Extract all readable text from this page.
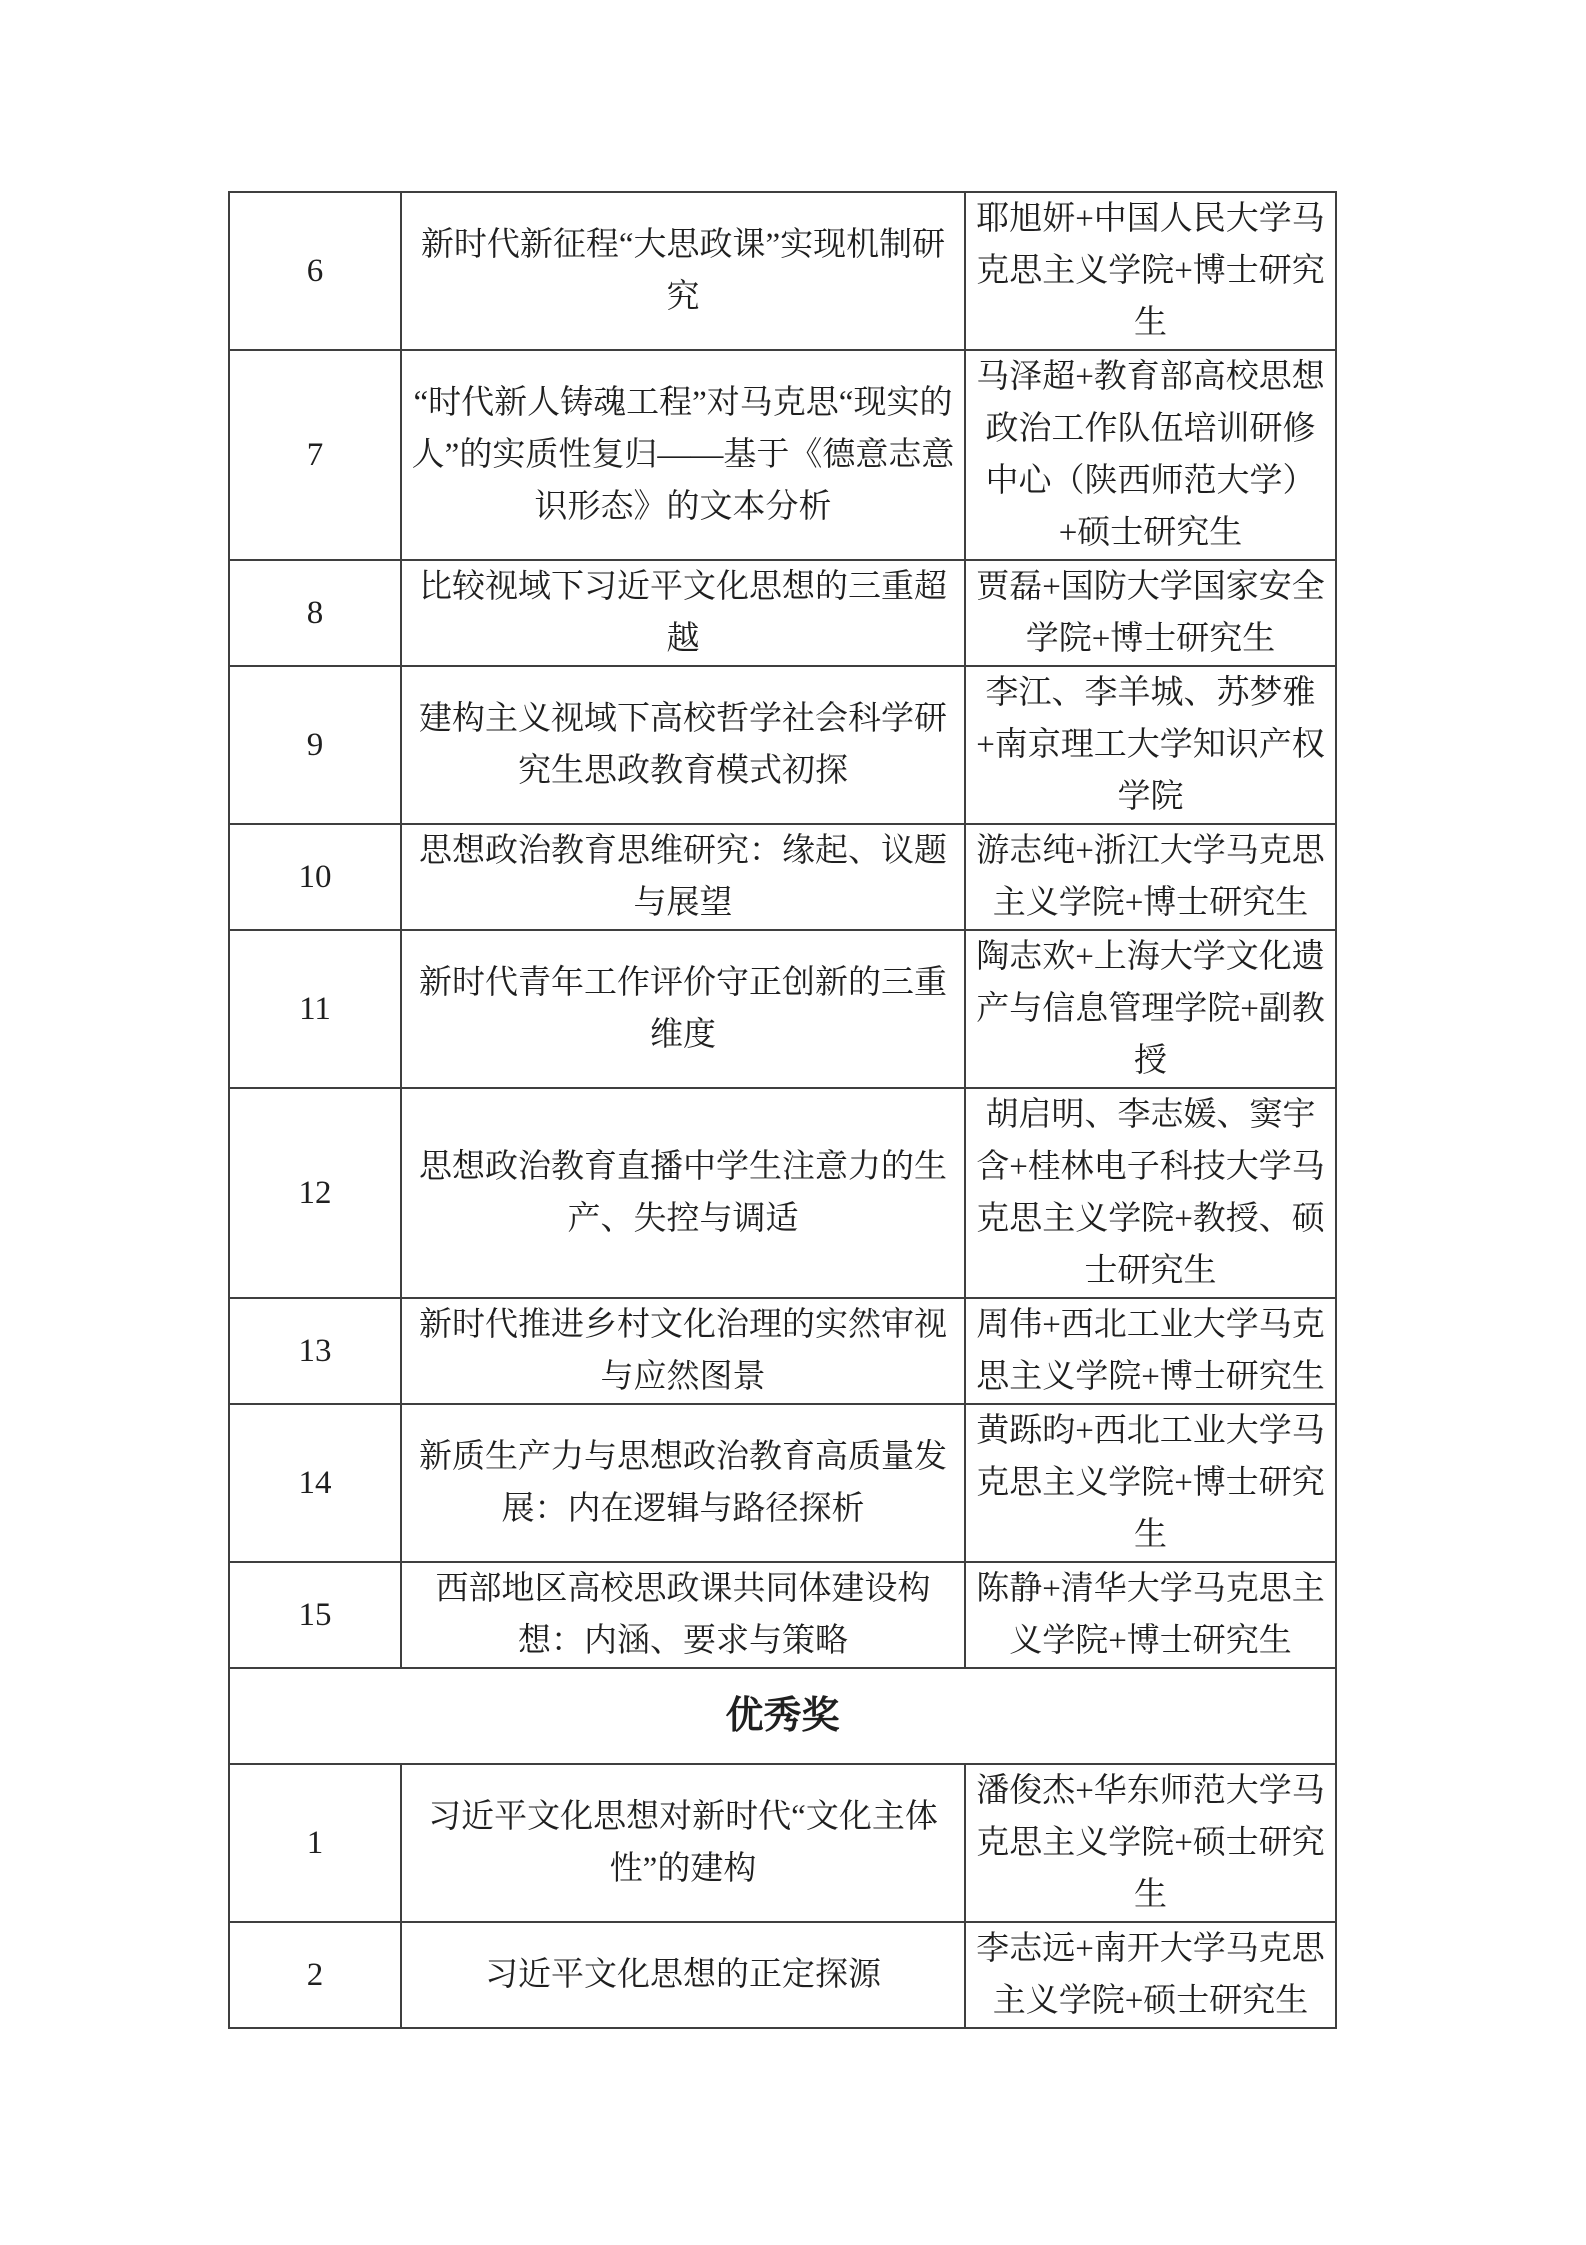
6	新时代新征程“大思政课”实现机制研究	耶旭妍+中国人民大学马克思主义学院+博士研究生
7	“时代新人铸魂工程”对马克思“现实的人”的实质性复归——基于《德意志意识形态》的文本分析	马泽超+教育部高校思想政治工作队伍培训研修中心（陕西师范大学）+硕士研究生
8	比较视域下习近平文化思想的三重超越	贾磊+国防大学国家安全学院+博士研究生
9	建构主义视域下高校哲学社会科学研究生思政教育模式初探	李江、李羊城、苏梦雅+南京理工大学知识产权学院
10	思想政治教育思维研究：缘起、议题与展望	游志纯+浙江大学马克思主义学院+博士研究生
11	新时代青年工作评价守正创新的三重维度	陶志欢+上海大学文化遗产与信息管理学院+副教授
12	思想政治教育直播中学生注意力的生产、失控与调适	胡启明、李志媛、窦宇含+桂林电子科技大学马克思主义学院+教授、硕士研究生
13	新时代推进乡村文化治理的实然审视与应然图景	周伟+西北工业大学马克思主义学院+博士研究生
14	新质生产力与思想政治教育高质量发展：内在逻辑与路径探析	黄跞昀+西北工业大学马克思主义学院+博士研究生
15	西部地区高校思政课共同体建设构想：内涵、要求与策略	陈静+清华大学马克思主义学院+博士研究生
优秀奖		
1	习近平文化思想对新时代“文化主体性”的建构	潘俊杰+华东师范大学马克思主义学院+硕士研究生
2	习近平文化思想的正定探源	李志远+南开大学马克思主义学院+硕士研究生
